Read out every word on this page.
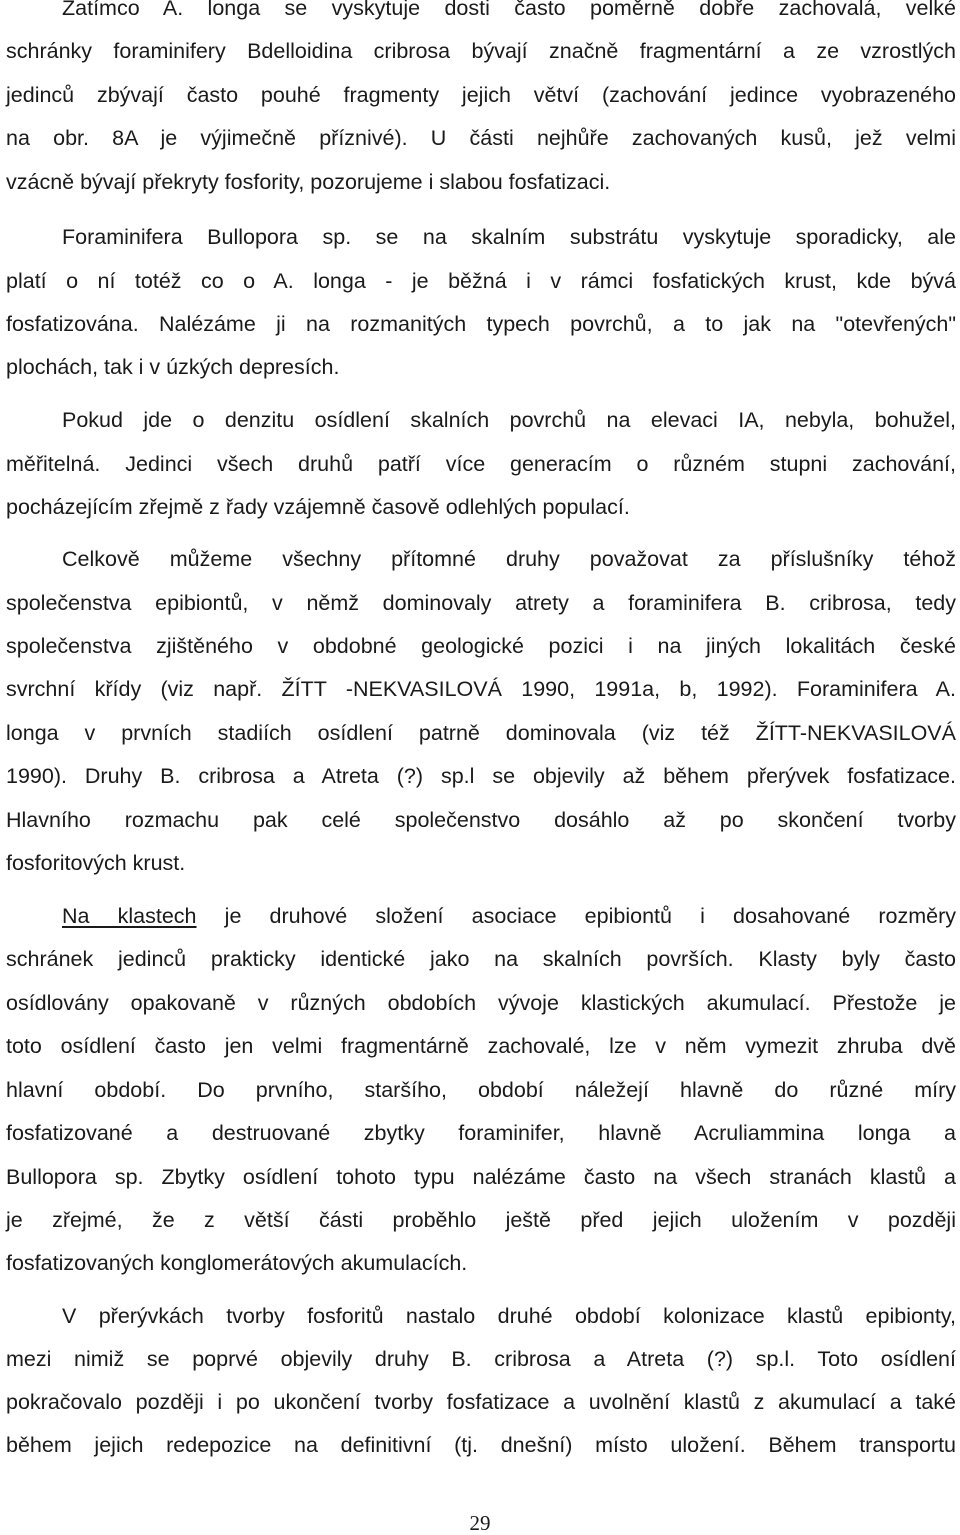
Zatímco A. longa se vyskytuje dosti často poměrně dobře zachovalá, velké
schránky foraminifery Bdelloidina cribrosa bývají značně fragmentární a ze vzrostlých
jedinců zbývají často pouhé fragmenty jejich větví (zachování jedince vyobrazeného
na obr. 8A je výjimečně příznivé). U části nejhůře zachovaných kusů, jež velmi
vzácně bývají překryty fosfority, pozorujeme i slabou fosfatizaci.
Foraminifera Bullopora sp. se na skalním substrátu vyskytuje sporadicky, ale
platí o ní totéž co o A. longa - je běžná i v rámci fosfatických krust, kde bývá
fosfatizována. Nalézáme ji na rozmanitých typech povrchů, a to jak na "otevřených"
plochách, tak i v úzkých depresích.
Pokud jde o denzitu osídlení skalních povrchů na elevaci IA, nebyla, bohužel,
měřitelná. Jedinci všech druhů patří více generacím o různém stupni zachování,
pocházejícím zřejmě z řady vzájemně časově odlehlých populací.
Celkově můžeme všechny přítomné druhy považovat za příslušníky téhož
společenstva epibiontů, v němž dominovaly atrety a foraminifera B. cribrosa, tedy
společenstva zjištěného v obdobné geologické pozici i na jiných lokalitách české
svrchní křídy (viz např. ŽÍTT -NEKVASILOVÁ 1990, 1991a, b, 1992). Foraminifera A.
longa v prvních stadiích osídlení patrně dominovala (viz též ŽÍTT-NEKVASILOVÁ
1990). Druhy B. cribrosa a Atreta (?) sp.l se objevily až během přerývek fosfatizace.
Hlavního rozmachu pak celé společenstvo dosáhlo až po skončení tvorby
fosforitových krust.
Na klastech je druhové složení asociace epibiontů i dosahované rozměry
schránek jedinců prakticky identické jako na skalních površích. Klasty byly často
osídlovány opakovaně v různých obdobích vývoje klastických akumulací. Přestože je
toto osídlení často jen velmi fragmentárně zachovalé, lze v něm vymezit zhruba dvě
hlavní období. Do prvního, staršího, období náležejí hlavně do různé míry
fosfatizované a destruované zbytky foraminifer, hlavně Acruliammina longa a
Bullopora sp. Zbytky osídlení tohoto typu nalézáme často na všech stranách klastů a
je zřejmé, že z větší části proběhlo ještě před jejich uložením v později
fosfatizovaných konglomerátových akumulacích.
V přerývkách tvorby fosforitů nastalo druhé období kolonizace klastů epibionty,
mezi nimiž se poprvé objevily druhy B. cribrosa a Atreta (?) sp.l. Toto osídlení
pokračovalo později i po ukončení tvorby fosfatizace a uvolnění klastů z akumulací a také
během jejich redepozice na definitivní (tj. dnešní) místo uložení. Během transportu
29
